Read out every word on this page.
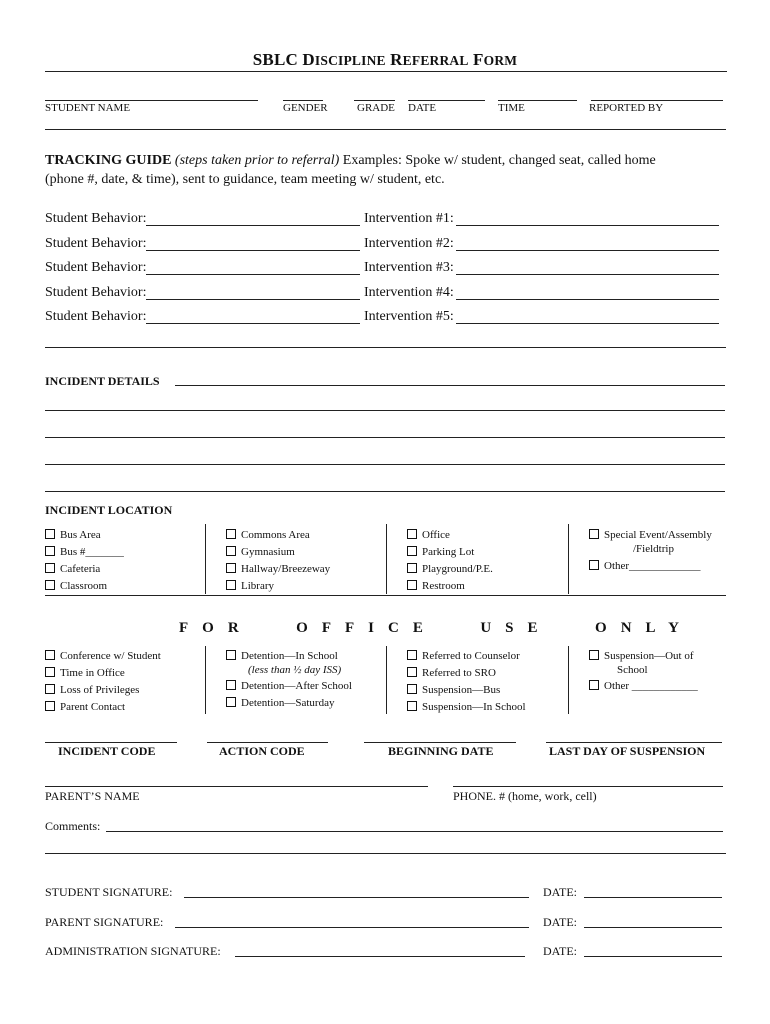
SBLC DISCIPLINE REFERRAL FORM
STUDENT NAME	GENDER	GRADE DATE	TIME	REPORTED BY
TRACKING GUIDE (steps taken prior to referral) Examples: Spoke w/ student, changed seat, called home
(phone #, date, & time), sent to guidance, team meeting w/ student, etc.
Student Behavior:	Intervention #1:
Student Behavior:	Intervention #2:
Student Behavior:	Intervention #3:
Student Behavior:	Intervention #4:
Student Behavior:	Intervention #5:
INCIDENT DETAILS
INCIDENT LOCATION
Bus Area
Bus #_______
Cafeteria
Classroom
Commons Area
Gymnasium
Hallway/Breezeway
Library
Office
Parking Lot
Playground/P.E.
Restroom
Special Event/Assembly
/Fieldtrip
Other_____________
FOR	OFFICE	USE	ONLY
Conference w/ Student
Time in Office
Loss of Privileges
Parent Contact
Detention—In School
(less than ½ day ISS)
Detention—After School
Detention—Saturday
Referred to Counselor
Referred to SRO
Suspension—Bus
Suspension—In School
Suspension—Out of
School
Other ____________
INCIDENT CODE	ACTION CODE	BEGINNING DATE	LAST DAY OF SUSPENSION
PARENT’S NAME	PHONE. # (home, work, cell)
Comments:
STUDENT SIGNATURE:	DATE:
PARENT SIGNATURE:	DATE:
ADMINISTRATION SIGNATURE:	DATE:
